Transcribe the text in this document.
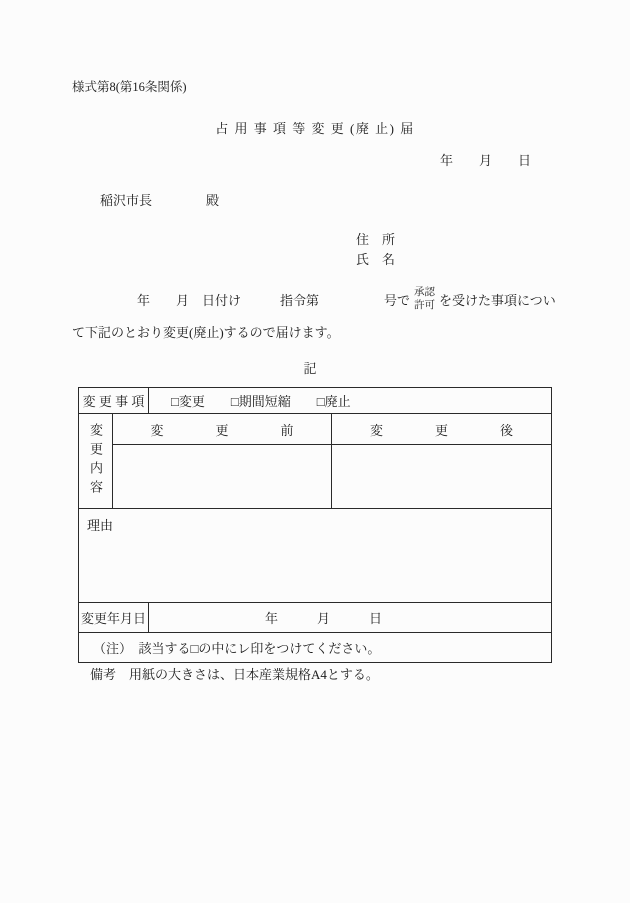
様式第8(第16条関係)
占 用 事 項 等 変 更 (廃 止) 届
年　　月　　日
稲沢市長	殿
住　所
氏　名
年　　月　日付け　　　指令第　　　　　号で
承認
許可 を受けた事項につい
て下記のとおり変更(廃止)するので届けます。
記
変 更 事 項	□変更 □期間短縮 □廃止
変更内容	変　　　　更　　　　前	変　　　　更　　　　後
理由
変更年月日	年　　　月　　　日
（注）　該当する□の中にレ印をつけてください。
備考　用紙の大きさは、日本産業規格A4とする。
